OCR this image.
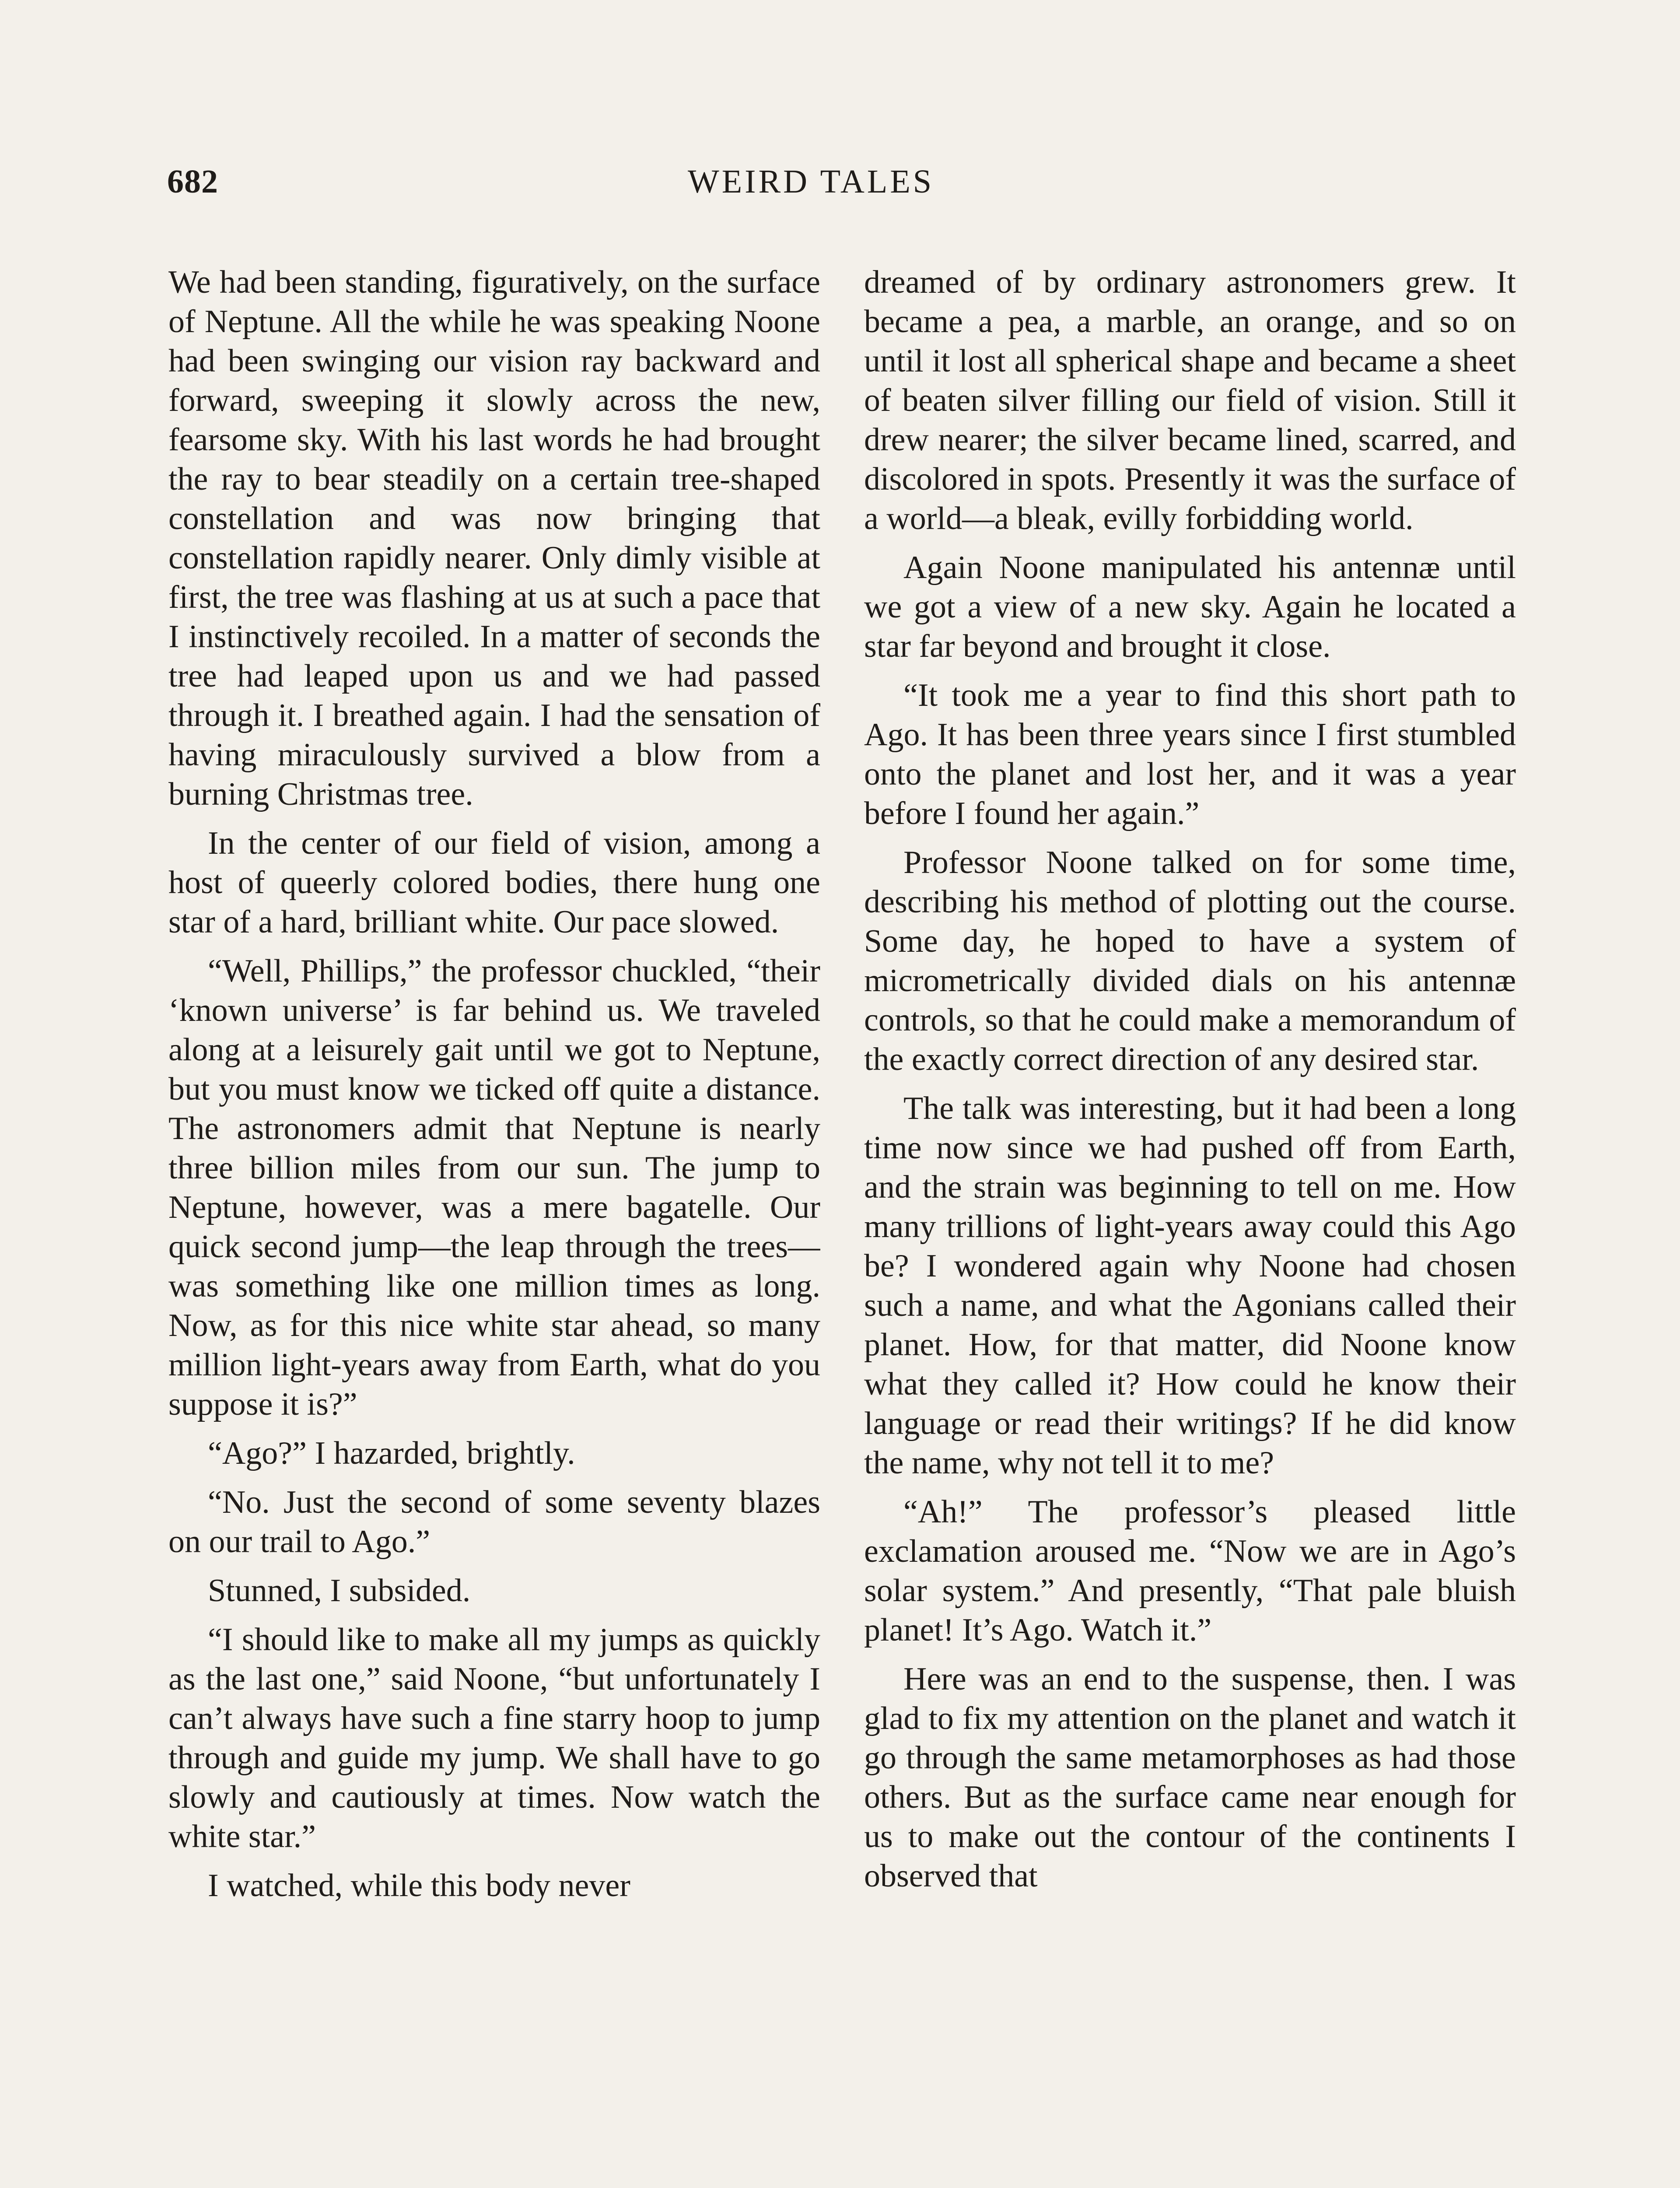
682	WEIRD TALES

We had been standing, figuratively, on the surface of Neptune. All the while he was speaking Noone had been swinging our vision ray backward and forward, sweeping it slowly across the new, fearsome sky. With his last words he had brought the ray to bear steadily on a certain tree-shaped constellation and was now bringing that constellation rapidly nearer. Only dimly visible at first, the tree was flashing at us at such a pace that I instinctively recoiled. In a matter of seconds the tree had leaped upon us and we had passed through it. I breathed again. I had the sensation of having miraculously survived a blow from a burning Christmas tree.

In the center of our field of vision, among a host of queerly colored bodies, there hung one star of a hard, brilliant white. Our pace slowed.

“Well, Phillips,” the professor chuckled, “their ‘known universe’ is far behind us. We traveled along at a leisurely gait until we got to Neptune, but you must know we ticked off quite a distance. The astronomers admit that Neptune is nearly three billion miles from our sun. The jump to Neptune, however, was a mere bagatelle. Our quick second jump—the leap through the trees—was something like one million times as long. Now, as for this nice white star ahead, so many million light-years away from Earth, what do you suppose it is?”

“Ago?” I hazarded, brightly.

“No. Just the second of some seventy blazes on our trail to Ago.”

Stunned, I subsided.

“I should like to make all my jumps as quickly as the last one,” said Noone, “but unfortunately I can’t always have such a fine starry hoop to jump through and guide my jump. We shall have to go slowly and cautiously at times. Now watch the white star.”

I watched, while this body never

dreamed of by ordinary astronomers grew. It became a pea, a marble, an orange, and so on until it lost all spherical shape and became a sheet of beaten silver filling our field of vision. Still it drew nearer; the silver became lined, scarred, and discolored in spots. Presently it was the surface of a world—a bleak, evilly forbidding world.

Again Noone manipulated his antennæ until we got a view of a new sky. Again he located a star far beyond and brought it close.

“It took me a year to find this short path to Ago. It has been three years since I first stumbled onto the planet and lost her, and it was a year before I found her again.”

Professor Noone talked on for some time, describing his method of plotting out the course. Some day, he hoped to have a system of micrometrically divided dials on his antennæ controls, so that he could make a memorandum of the exactly correct direction of any desired star.

The talk was interesting, but it had been a long time now since we had pushed off from Earth, and the strain was beginning to tell on me. How many trillions of light-years away could this Ago be? I wondered again why Noone had chosen such a name, and what the Agonians called their planet. How, for that matter, did Noone know what they called it? How could he know their language or read their writings? If he did know the name, why not tell it to me?

“Ah!” The professor’s pleased little exclamation aroused me. “Now we are in Ago’s solar system.” And presently, “That pale bluish planet! It’s Ago. Watch it.”

Here was an end to the suspense, then. I was glad to fix my attention on the planet and watch it go through the same metamorphoses as had those others. But as the surface came near enough for us to make out the contour of the continents I observed that
